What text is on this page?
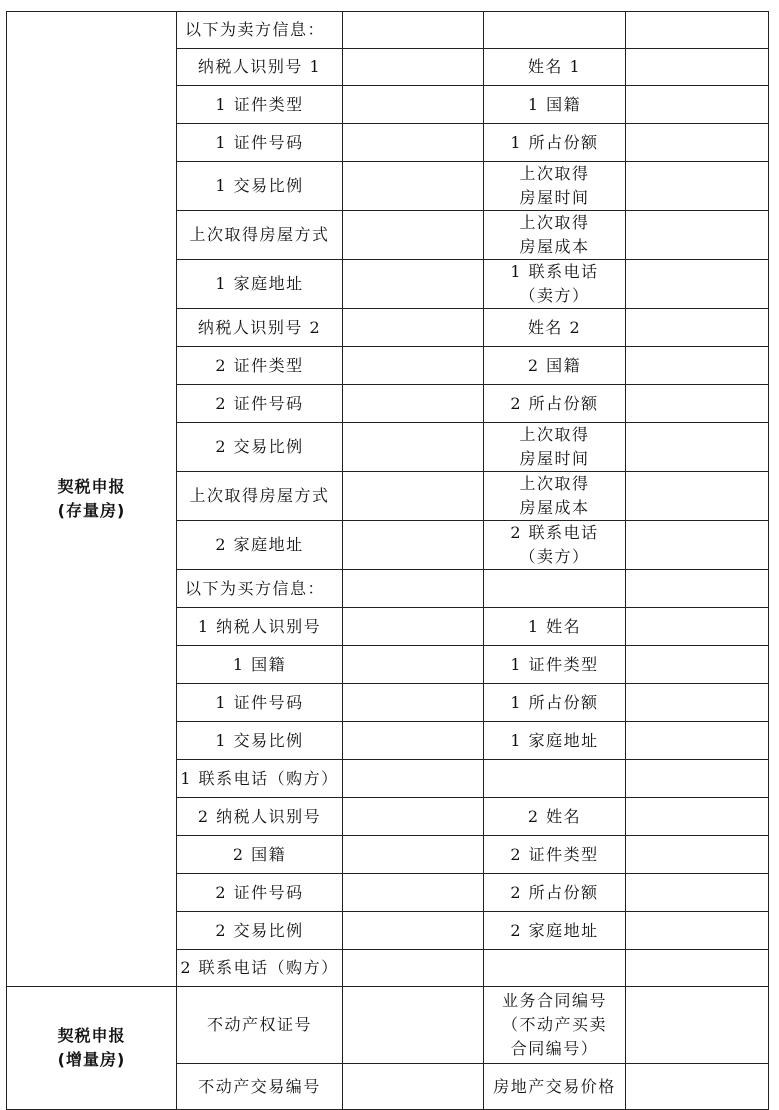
契税申报
(存量房)	以下为卖方信息：			
	纳税人识别号 1		姓名 1	
	1 证件类型		1 国籍	
	1 证件号码		1 所占份额	
	1 交易比例		上次取得
房屋时间	
	上次取得房屋方式		上次取得
房屋成本	
	1 家庭地址		1 联系电话
（卖方）	
	纳税人识别号 2		姓名 2	
	2 证件类型		2 国籍	
	2 证件号码		2 所占份额	
	2 交易比例		上次取得
房屋时间	
	上次取得房屋方式		上次取得
房屋成本	
	2 家庭地址		2 联系电话
（卖方）	
	以下为买方信息：			
	1 纳税人识别号		1 姓名	
	1 国籍		1 证件类型	
	1 证件号码		1 所占份额	
	1 交易比例		1 家庭地址	
	1 联系电话（购方）			
	2 纳税人识别号		2 姓名	
	2 国籍		2 证件类型	
	2 证件号码		2 所占份额	
	2 交易比例		2 家庭地址	
	2 联系电话（购方）			
契税申报
(增量房)	不动产权证号		业务合同编号
（不动产买卖
合同编号）	
	不动产交易编号		房地产交易价格	
